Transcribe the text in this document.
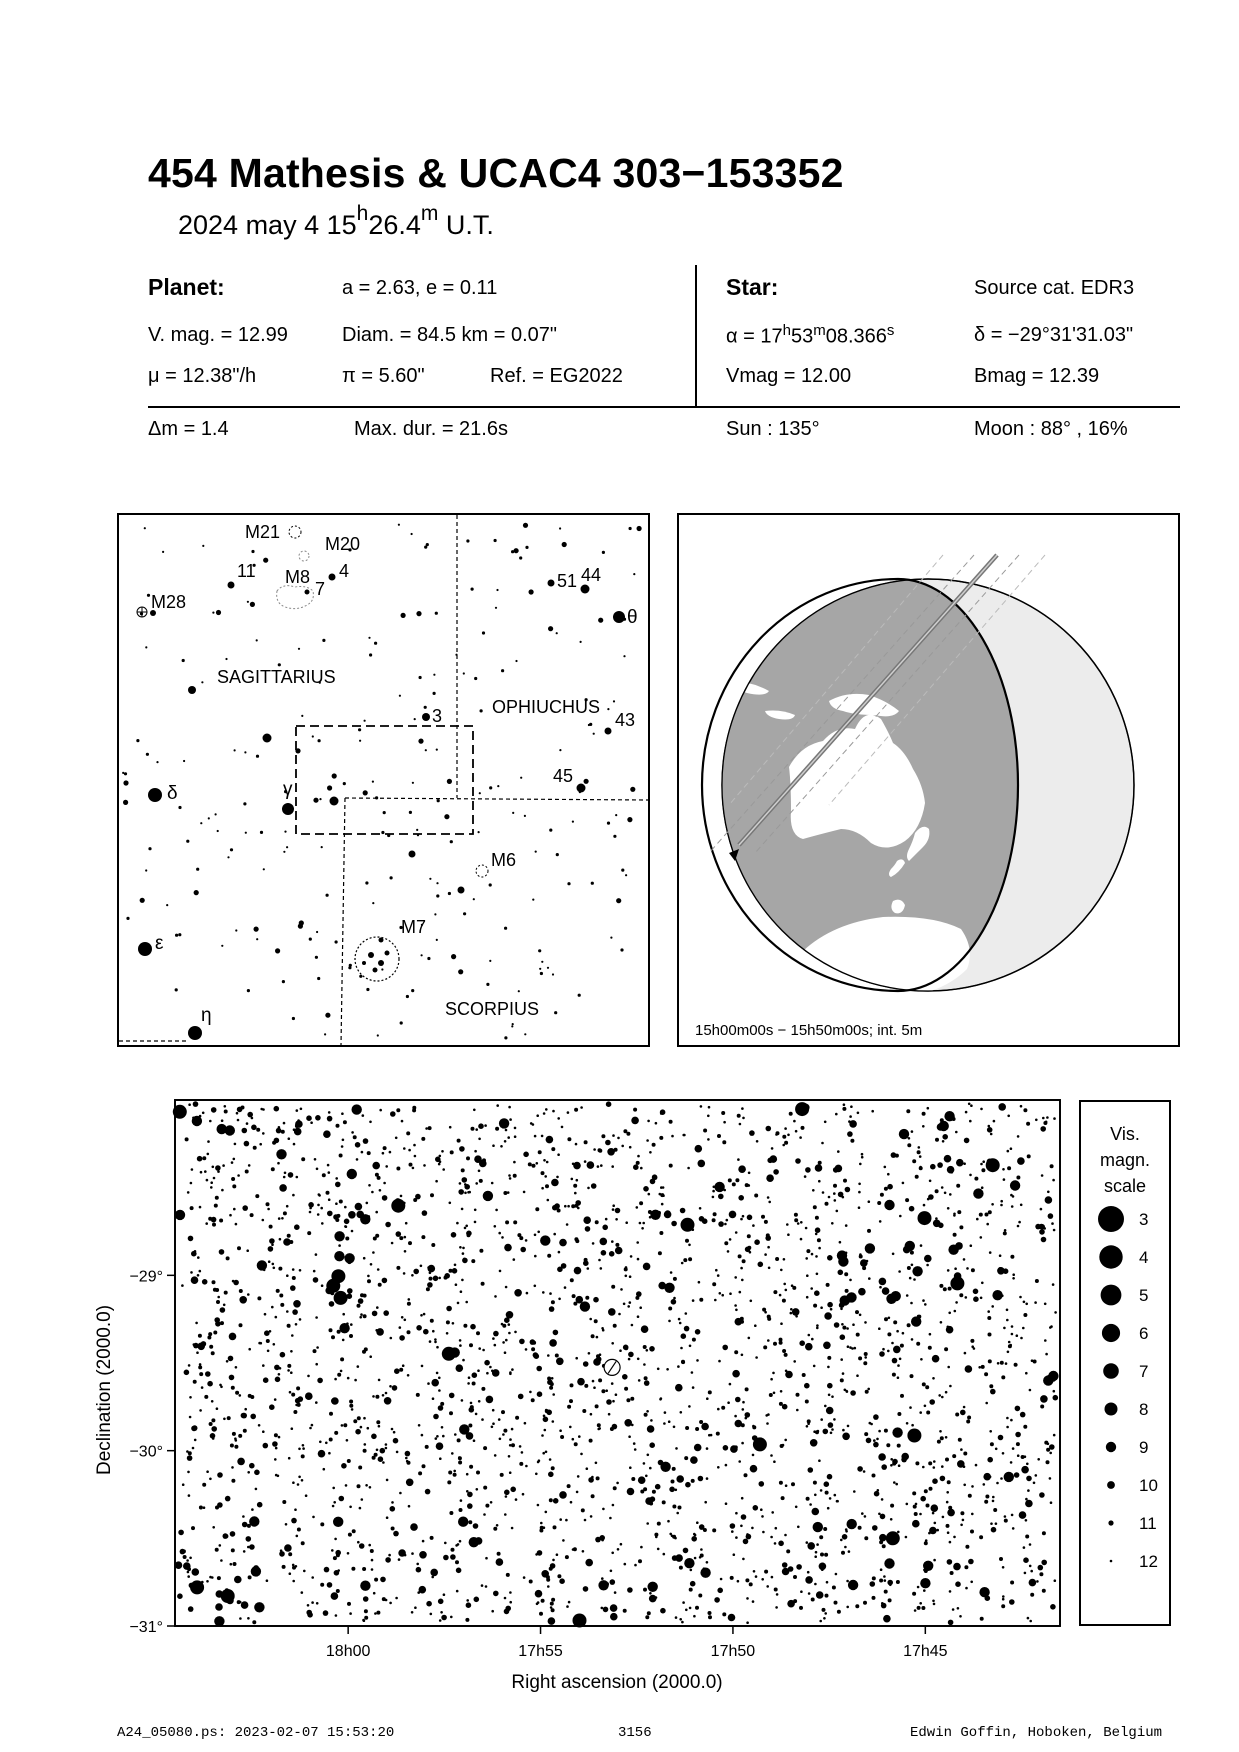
454 Mathesis & UCAC4 303−153352
2024 may 4 15$^h$26.4$^m$ U.T.
Planet:	a = 2.63, e = 0.11
V. mag. = 12.99	Diam. = 84.5 km = 0.07"
μ = 12.38"/h	π = 5.60"	Ref. = EG2022
Star:	Source cat. EDR3
$\alpha = 17^h53^m08.366^s$	δ = −29°31'31.03"
Vmag = 12.00	Bmag = 12.39
Δm = 1.4	Max. dur. = 21.6s	Sun : 135°	Moon : 88° , 16%
M21
M20
M8
M28
11
7
4	51 44
θ
SAGITTARIUS
3	OPHIUCHUS
43
45
δ	γ
M6
M7
ε
η	SCORPIUS
15h00m00s − 15h50m00s; int. 5m
18h00	17h55	17h50	17h45
−29°
−30°
−31°
Declination (2000.0)
Right ascension (2000.0)
Vis.
magn.
scale
3
4
5
6
7
8
9
10
11
12
A24_05080.ps: 2023-02-07 15:53:20	3156	Edwin Goffin, Hoboken, Belgium
